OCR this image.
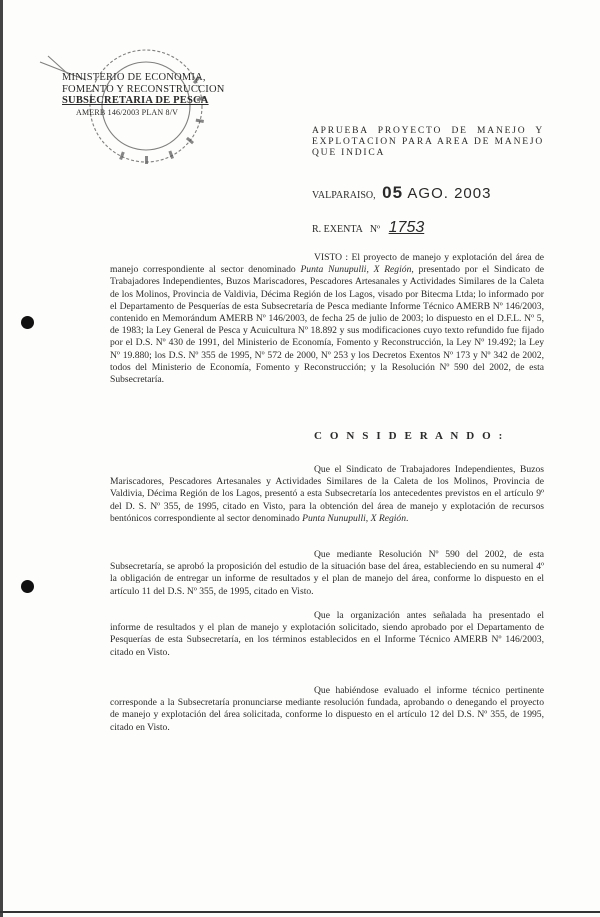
MINISTERIO DE ECONOMIA,
FOMENTO Y RECONSTRUCCION
SUBSECRETARIA DE PESCA
AMERB 146/2003 PLAN 8/V
APRUEBA PROYECTO DE MANEJO Y EXPLOTACION PARA AREA DE MANEJO QUE INDICA
VALPARAISO, 05 AGO. 2003
R. EXENTA Nº 1753

VISTO : El proyecto de manejo y explotación del área de manejo correspondiente al sector denominado Punta Nunupulli, X Región, presentado por el Sindicato de Trabajadores Independientes, Buzos Mariscadores, Pescadores Artesanales y Actividades Similares de la Caleta de los Molinos, Provincia de Valdivia, Décima Región de los Lagos, visado por Bitecma Ltda; lo informado por el Departamento de Pesquerías de esta Subsecretaría de Pesca mediante Informe Técnico AMERB Nº 146/2003, contenido en Memorándum AMERB Nº 146/2003, de fecha 25 de julio de 2003; lo dispuesto en el D.F.L. Nº 5, de 1983; la Ley General de Pesca y Acuicultura Nº 18.892 y sus modificaciones cuyo texto refundido fue fijado por el D.S. Nº 430 de 1991, del Ministerio de Economía, Fomento y Reconstrucción, la Ley Nº 19.492; la Ley Nº 19.880; los D.S. Nº 355 de 1995, Nº 572 de 2000, Nº 253 y los Decretos Exentos Nº 173 y Nº 342 de 2002, todos del Ministerio de Economía, Fomento y Reconstrucción; y la Resolución Nº 590 del 2002, de esta Subsecretaría.

C O N S I D E R A N D O :

Que el Sindicato de Trabajadores Independientes, Buzos Mariscadores, Pescadores Artesanales y Actividades Similares de la Caleta de los Molinos, Provincia de Valdivia, Décima Región de los Lagos, presentó a esta Subsecretaría los antecedentes previstos en el artículo 9º del D. S. Nº 355, de 1995, citado en Visto, para la obtención del área de manejo y explotación de recursos bentónicos correspondiente al sector denominado Punta Nunupulli, X Región.

Que mediante Resolución Nº 590 del 2002, de esta Subsecretaría, se aprobó la proposición del estudio de la situación base del área, estableciendo en su numeral 4º la obligación de entregar un informe de resultados y el plan de manejo del área, conforme lo dispuesto en el artículo 11 del D.S. Nº 355, de 1995, citado en Visto.

Que la organización antes señalada ha presentado el informe de resultados y el plan de manejo y explotación solicitado, siendo aprobado por el Departamento de Pesquerías de esta Subsecretaría, en los términos establecidos en el Informe Técnico AMERB Nº 146/2003, citado en Visto.

Que habiéndose evaluado el informe técnico pertinente corresponde a la Subsecretaría pronunciarse mediante resolución fundada, aprobando o denegando el proyecto de manejo y explotación del área solicitada, conforme lo dispuesto en el artículo 12 del D.S. Nº 355, de 1995, citado en Visto.
